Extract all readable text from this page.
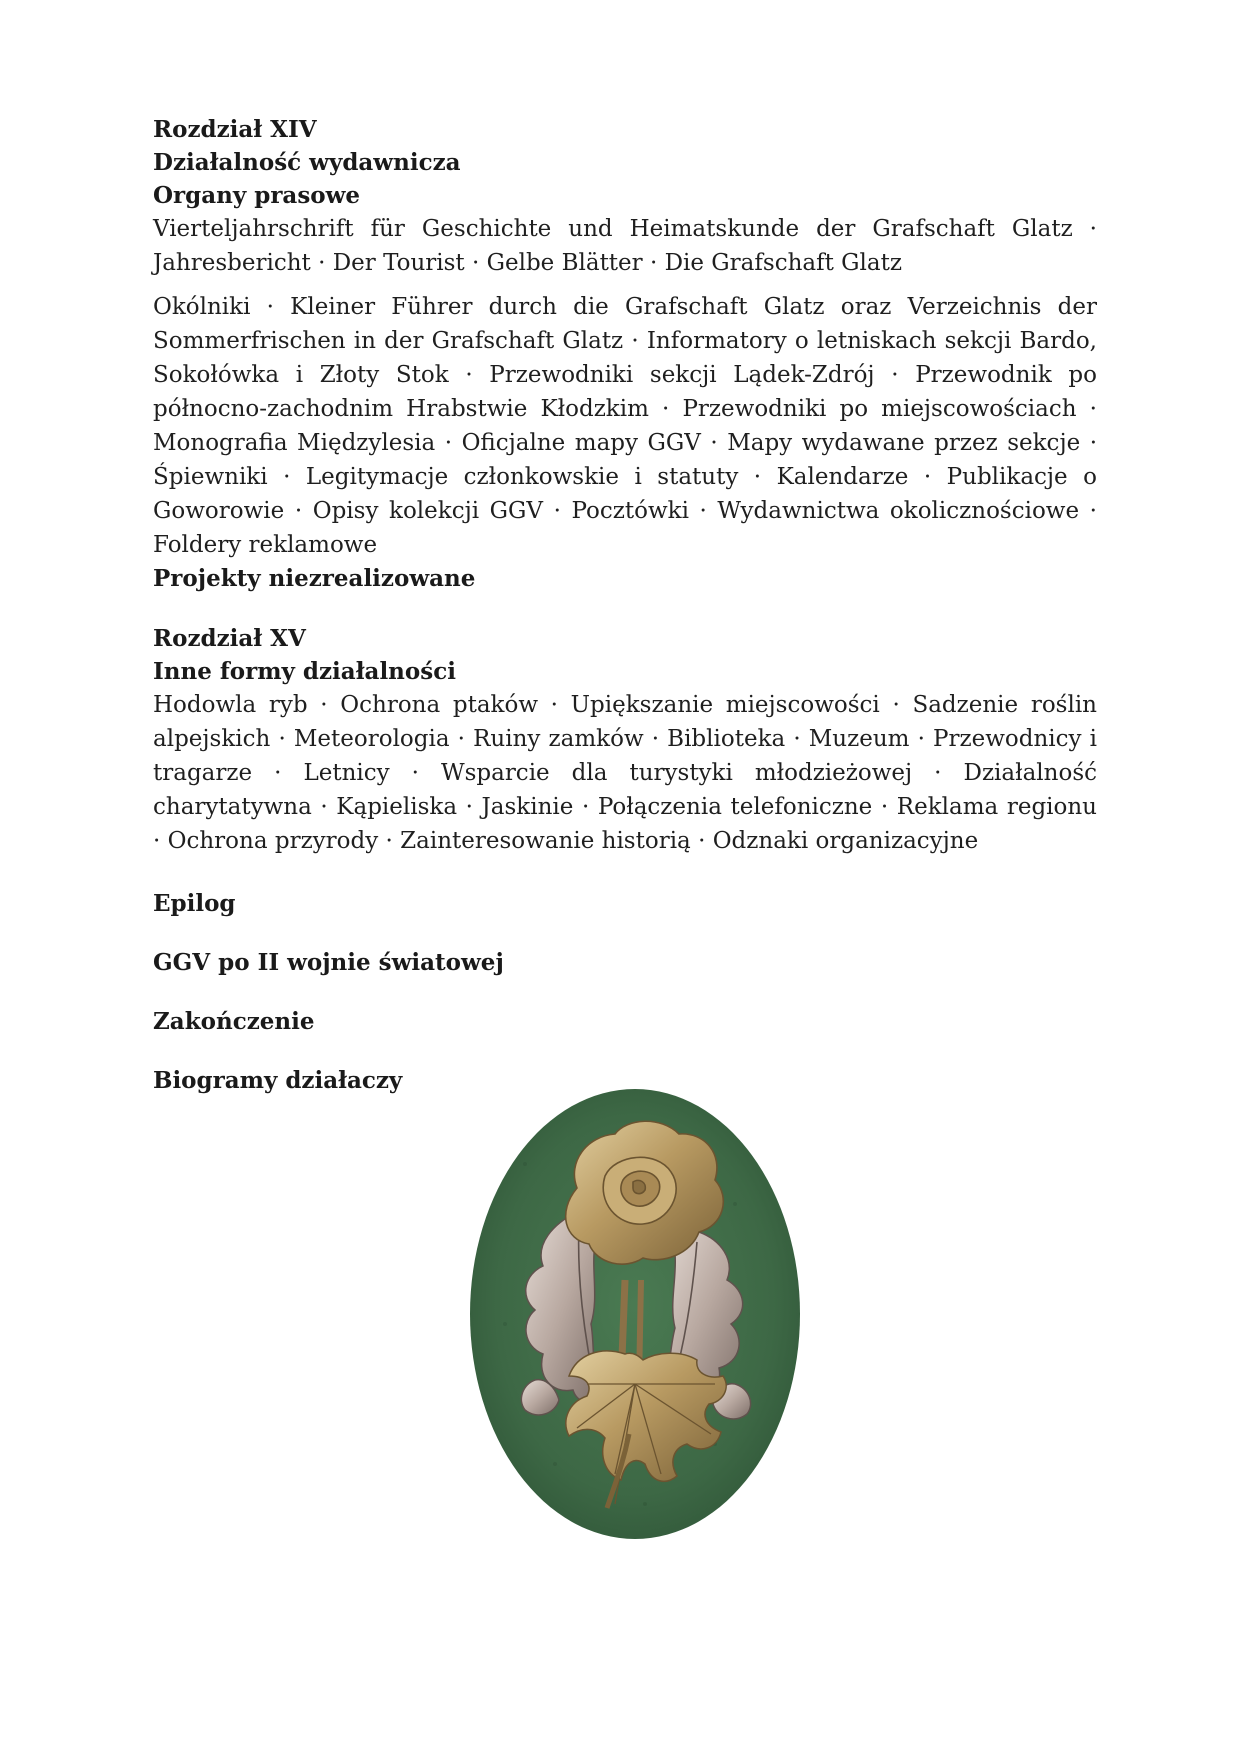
Rozdział XIV

Działalność wydawnicza

Organy prasowe

Vierteljahrschrift für Geschichte und Heimatskunde der Grafschaft Glatz · Jahresbericht · Der Tourist · Gelbe Blätter · Die Grafschaft Glatz

Okólniki · Kleiner Führer durch die Grafschaft Glatz oraz Verzeichnis der Sommerfrischen in der Grafschaft Glatz · Informatory o letniskach sekcji Bardo, Sokołówka i Złoty Stok · Przewodniki sekcji Lądek-Zdrój · Przewodnik po północno-zachodnim Hrabstwie Kłodzkim · Przewodniki po miejscowościach · Monografia Międzylesia · Oficjalne mapy GGV · Mapy wydawane przez sekcje · Śpiewniki · Legitymacje członkowskie i statuty · Kalendarze · Publikacje o Goworowie · Opisy kolekcji GGV · Pocztówki · Wydawnictwa okolicznościowe · Foldery reklamowe

Projekty niezrealizowane

Rozdział XV

Inne formy działalności

Hodowla ryb · Ochrona ptaków · Upiększanie miejscowości · Sadzenie roślin alpejskich · Meteorologia · Ruiny zamków · Biblioteka · Muzeum · Przewodnicy i tragarze · Letnicy · Wsparcie dla turystyki młodzieżowej · Działalność charytatywna · Kąpieliska · Jaskinie · Połączenia telefoniczne · Reklama regionu · Ochrona przyrody · Zainteresowanie historią · Odznaki organizacyjne

Epilog

GGV po II wojnie światowej

Zakończenie

Biogramy działaczy
